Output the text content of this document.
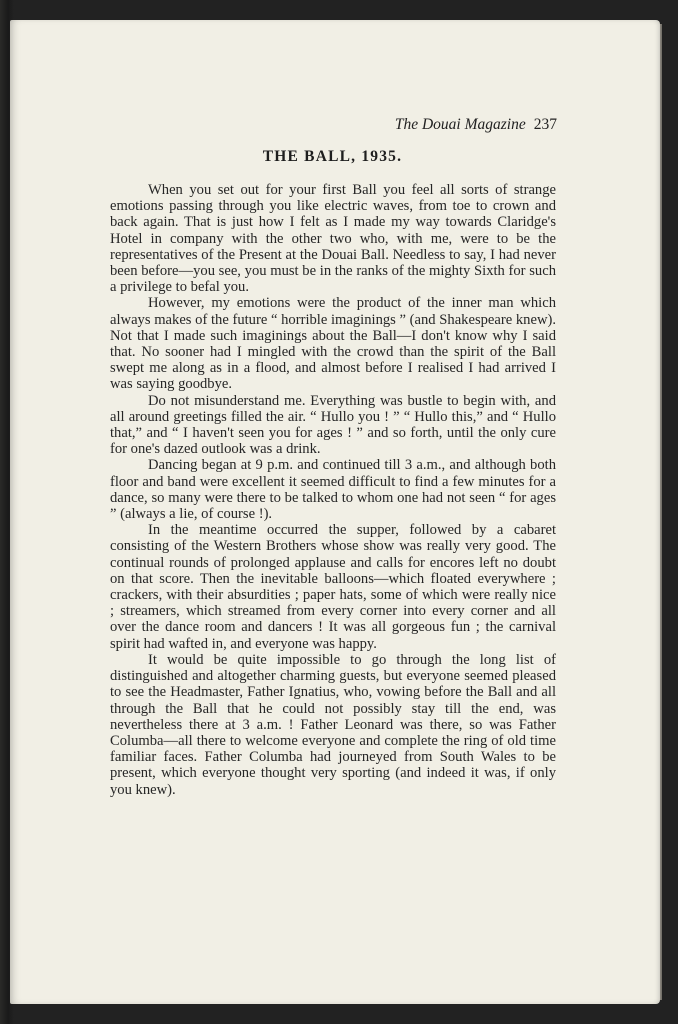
The Douai Magazine 237
THE BALL, 1935.

When you set out for your first Ball you feel all sorts of strange emotions passing through you like electric waves, from toe to crown and back again. That is just how I felt as I made my way towards Claridge's Hotel in company with the other two who, with me, were to be the representatives of the Present at the Douai Ball. Needless to say, I had never been before—you see, you must be in the ranks of the mighty Sixth for such a privilege to befal you.

However, my emotions were the product of the inner man which always makes of the future “ horrible imaginings ” (and Shakespeare knew). Not that I made such imaginings about the Ball—I don't know why I said that. No sooner had I mingled with the crowd than the spirit of the Ball swept me along as in a flood, and almost before I realised I had arrived I was saying goodbye.

Do not misunderstand me. Everything was bustle to begin with, and all around greetings filled the air. “ Hullo you ! ” “ Hullo this,” and “ Hullo that,” and “ I haven't seen you for ages ! ” and so forth, until the only cure for one's dazed outlook was a drink.

Dancing began at 9 p.m. and continued till 3 a.m., and although both floor and band were excellent it seemed difficult to find a few minutes for a dance, so many were there to be talked to whom one had not seen “ for ages ” (always a lie, of course !).

In the meantime occurred the supper, followed by a cabaret consisting of the Western Brothers whose show was really very good. The continual rounds of prolonged applause and calls for encores left no doubt on that score. Then the inevitable balloons—which floated everywhere ; crackers, with their absurdities ; paper hats, some of which were really nice ; streamers, which streamed from every corner into every corner and all over the dance room and dancers ! It was all gorgeous fun ; the carnival spirit had wafted in, and everyone was happy.

It would be quite impossible to go through the long list of distinguished and altogether charming guests, but everyone seemed pleased to see the Headmaster, Father Ignatius, who, vowing before the Ball and all through the Ball that he could not possibly stay till the end, was nevertheless there at 3 a.m. ! Father Leonard was there, so was Father Columba—all there to welcome everyone and complete the ring of old time familiar faces. Father Columba had journeyed from South Wales to be present, which everyone thought very sporting (and indeed it was, if only you knew).
